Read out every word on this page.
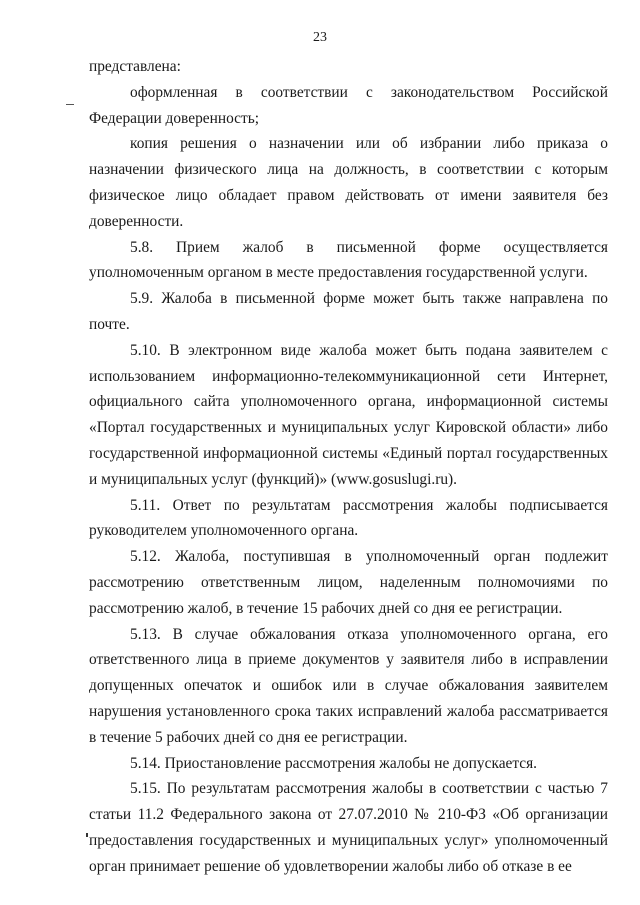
23

представлена:

оформленная в соответствии с законодательством Российской Федерации доверенность;

копия решения о назначении или об избрании либо приказа о назначении физического лица на должность, в соответствии с которым физическое лицо обладает правом действовать от имени заявителя без доверенности.

5.8. Прием жалоб в письменной форме осуществляется уполномоченным органом в месте предоставления государственной услуги.

5.9. Жалоба в письменной форме может быть также направлена по почте.

5.10. В электронном виде жалоба может быть подана заявителем с использованием информационно-телекоммуникационной сети Интернет, официального сайта уполномоченного органа, информационной системы «Портал государственных и муниципальных услуг Кировской области» либо государственной информационной системы «Единый портал государственных и муниципальных услуг (функций)» (www.gosuslugi.ru).

5.11. Ответ по результатам рассмотрения жалобы подписывается руководителем уполномоченного органа.

5.12. Жалоба, поступившая в уполномоченный орган подлежит рассмотрению ответственным лицом, наделенным полномочиями по рассмотрению жалоб, в течение 15 рабочих дней со дня ее регистрации.

5.13. В случае обжалования отказа уполномоченного органа, его ответственного лица в приеме документов у заявителя либо в исправлении допущенных опечаток и ошибок или в случае обжалования заявителем нарушения установленного срока таких исправлений жалоба рассматривается в течение 5 рабочих дней со дня ее регистрации.

5.14. Приостановление рассмотрения жалобы не допускается.

5.15. По результатам рассмотрения жалобы в соответствии с частью 7 статьи 11.2 Федерального закона от 27.07.2010 № 210-ФЗ «Об организации предоставления государственных и муниципальных услуг» уполномоченный орган принимает решение об удовлетворении жалобы либо об отказе в ее
